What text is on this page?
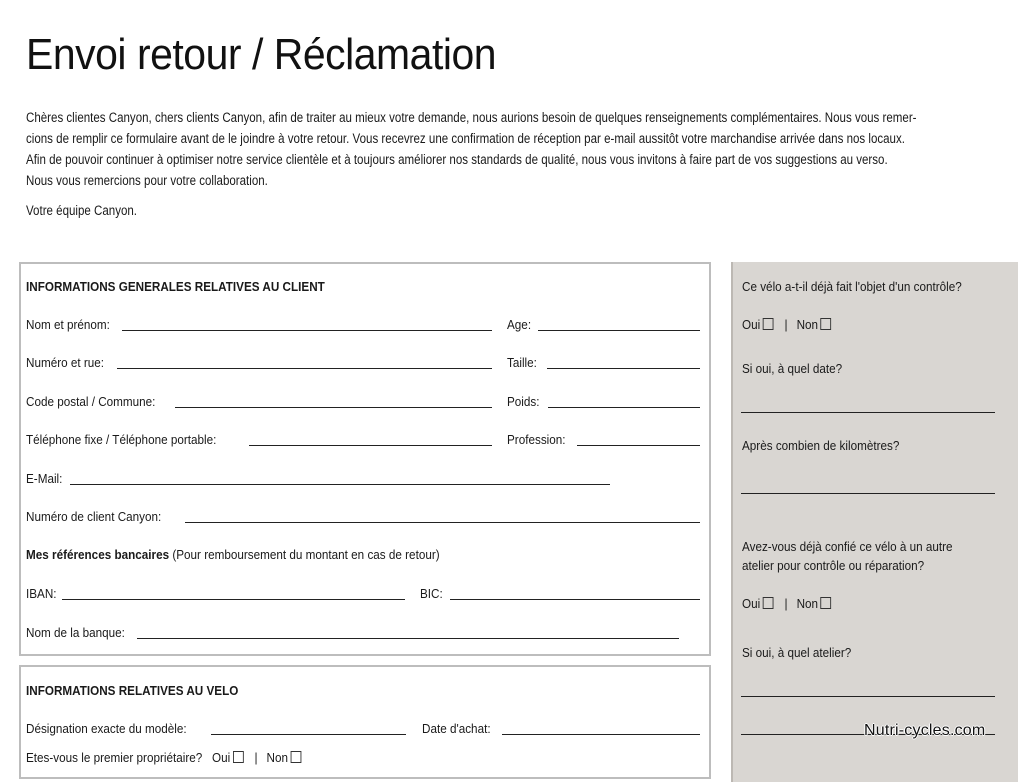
Envoi retour / Réclamation

Chères clientes Canyon, chers clients Canyon, afin de traiter au mieux votre demande, nous aurions besoin de quelques renseignements complémentaires. Nous vous remer-

cions de remplir ce formulaire avant de le joindre à votre retour. Vous recevrez une confirmation de réception par e-mail aussitôt votre marchandise arrivée dans nos locaux.

Afin de pouvoir continuer à optimiser notre service clientèle et à toujours améliorer nos standards de qualité, nous vous invitons à faire part de vos suggestions au verso.

Nous vous remercions pour votre collaboration.

Votre équipe Canyon.

INFORMATIONS GENERALES RELATIVES AU CLIENT
Nom et prénom:	Age:
Numéro et rue:	Taille:
Code postal / Commune:	Poids:
Téléphone fixe / Téléphone portable:	Profession:
E-Mail:
Numéro de client Canyon:
Mes références bancaires (Pour remboursement du montant en cas de retour)
IBAN:	BIC:
Nom de la banque:
INFORMATIONS RELATIVES AU VELO
Désignation exacte du modèle:	Date d'achat:
Etes-vous le premier propriétaire? Oui | Non
Ce vélo a-t-il déjà fait l'objet d'un contrôle?
Oui | Non
Si oui, à quel date?
Après combien de kilomètres?
Avez-vous déjà confié ce vélo à un autre
atelier pour contrôle ou réparation?
Oui | Non
Si oui, à quel atelier?
Nutri-cycles.com
